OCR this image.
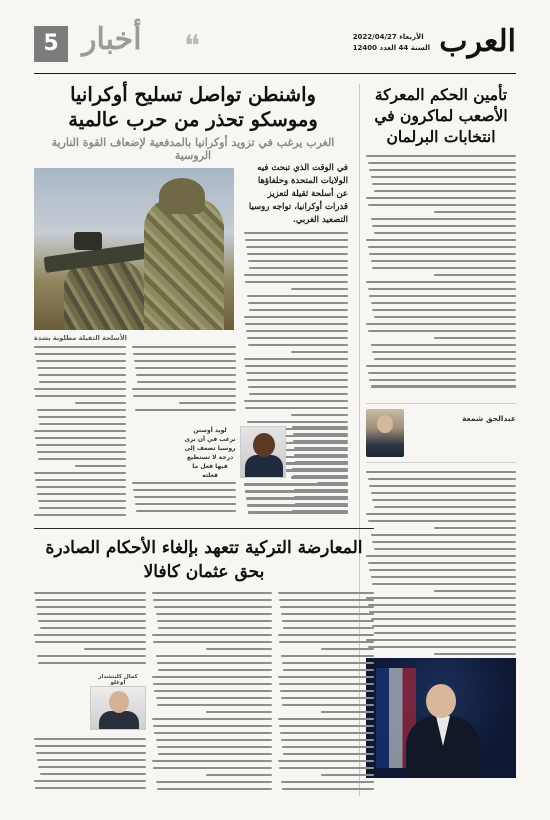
العرب
الأربعاء 2022/04/27
السنة 44 العدد 12400
❝
أخبار
5
تأمين الحكم المعركة الأصعب لماكرون في انتخابات البرلمان
عبدالحق شمعة
واشنطن تواصل تسليح أوكرانيا وموسكو تحذر من حرب عالمية
الغرب يرغب في تزويد أوكرانيا بالمدفعية لإضعاف القوة النارية الروسية
الأسلحة الثقيلة مطلوبة بشدة
في الوقت الذي تبحث فيه الولايات المتحدة وحلفاؤها عن أسلحة ثقيلة لتعزيز قدرات أوكرانيا، تواجه روسيا التصعيد الغربي.
لويد أوستن
نرغب في أن نرى روسيا تضعف إلى درجة لا تستطيع فيها فعل ما فعلته
المعارضة التركية تتعهد بإلغاء الأحكام الصادرة بحق عثمان كافالا
كمال كليتشدار أوغلو
